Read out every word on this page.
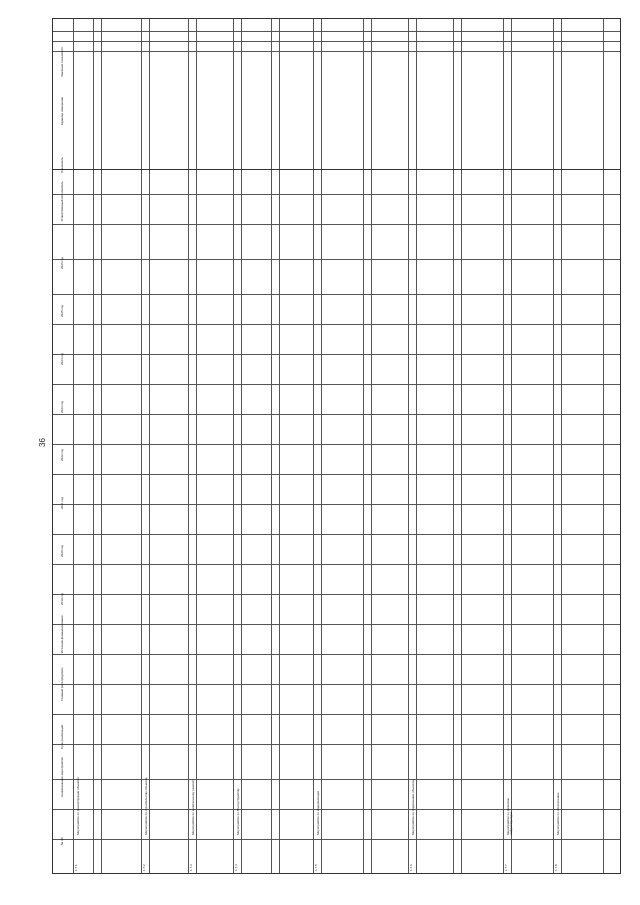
36
№ п/п
Наименование мероприятия
Срок реализации
Главный распорядитель
Источник финансирования
2019 год
2020 год
2021 год
2022 год
2023 год
2024 год
2025 год
2026 год
Ответственный исполнитель
Показатель
Единица измерения
Значение показателя
1.7.1
Мероприятие по реконструкции объектов
1.7.2
Мероприятие по строительству объектов
1.7.3
Мероприятие по капитальному ремонту
1.7.4
Мероприятие по благоустройству
1.7.5
Мероприятие по модернизации
1.7.6
Мероприятие по содержанию объектов
1.7.7
Мероприятие по развитию инфраструктуры
1.7.8
Мероприятие по обеспечению
